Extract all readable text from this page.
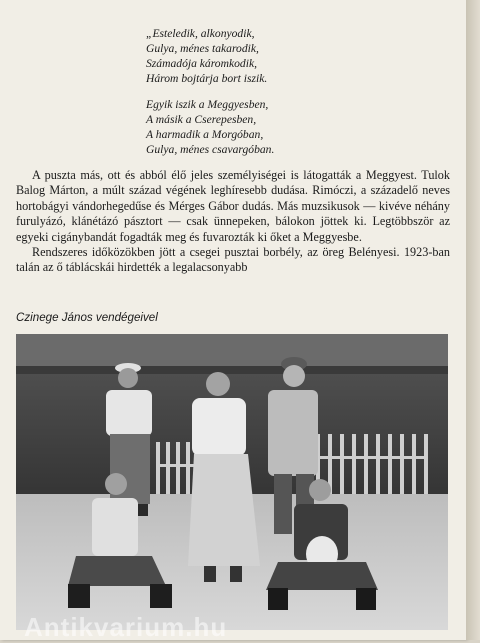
„Esteledik, alkonyodik,
Gulya, ménes takarodik,
Számadója káromkodik,
Három bojtárja bort iszik.
Egyik iszik a Meggyesben,
A másik a Cserepesben,
A harmadik a Morgóban,
Gulya, ménes csavargóban.

A puszta más, ott és abból élő jeles személyiségei is látogatták a Meggyest. Tulok Balog Márton, a múlt század végének leghíresebb dudása. Rimóczi, a századelő neves hortobágyi vándorhegedűse és Mérges Gábor dudás. Más muzsikusok — kivéve néhány furulyázó, klánétázó pásztort — csak ünnepeken, bálokon jöttek ki. Legtöbbször az egyeki cigánybandát fogadták meg és fuvarozták ki őket a Meggyesbe.

Rendszeres időközökben jött a csegei pusztai borbély, az öreg Belényesi. 1923-ban talán az ő táblácskái hirdették a legalacsonyabb

Czinege János vendégeivel
Antikvarium.hu
